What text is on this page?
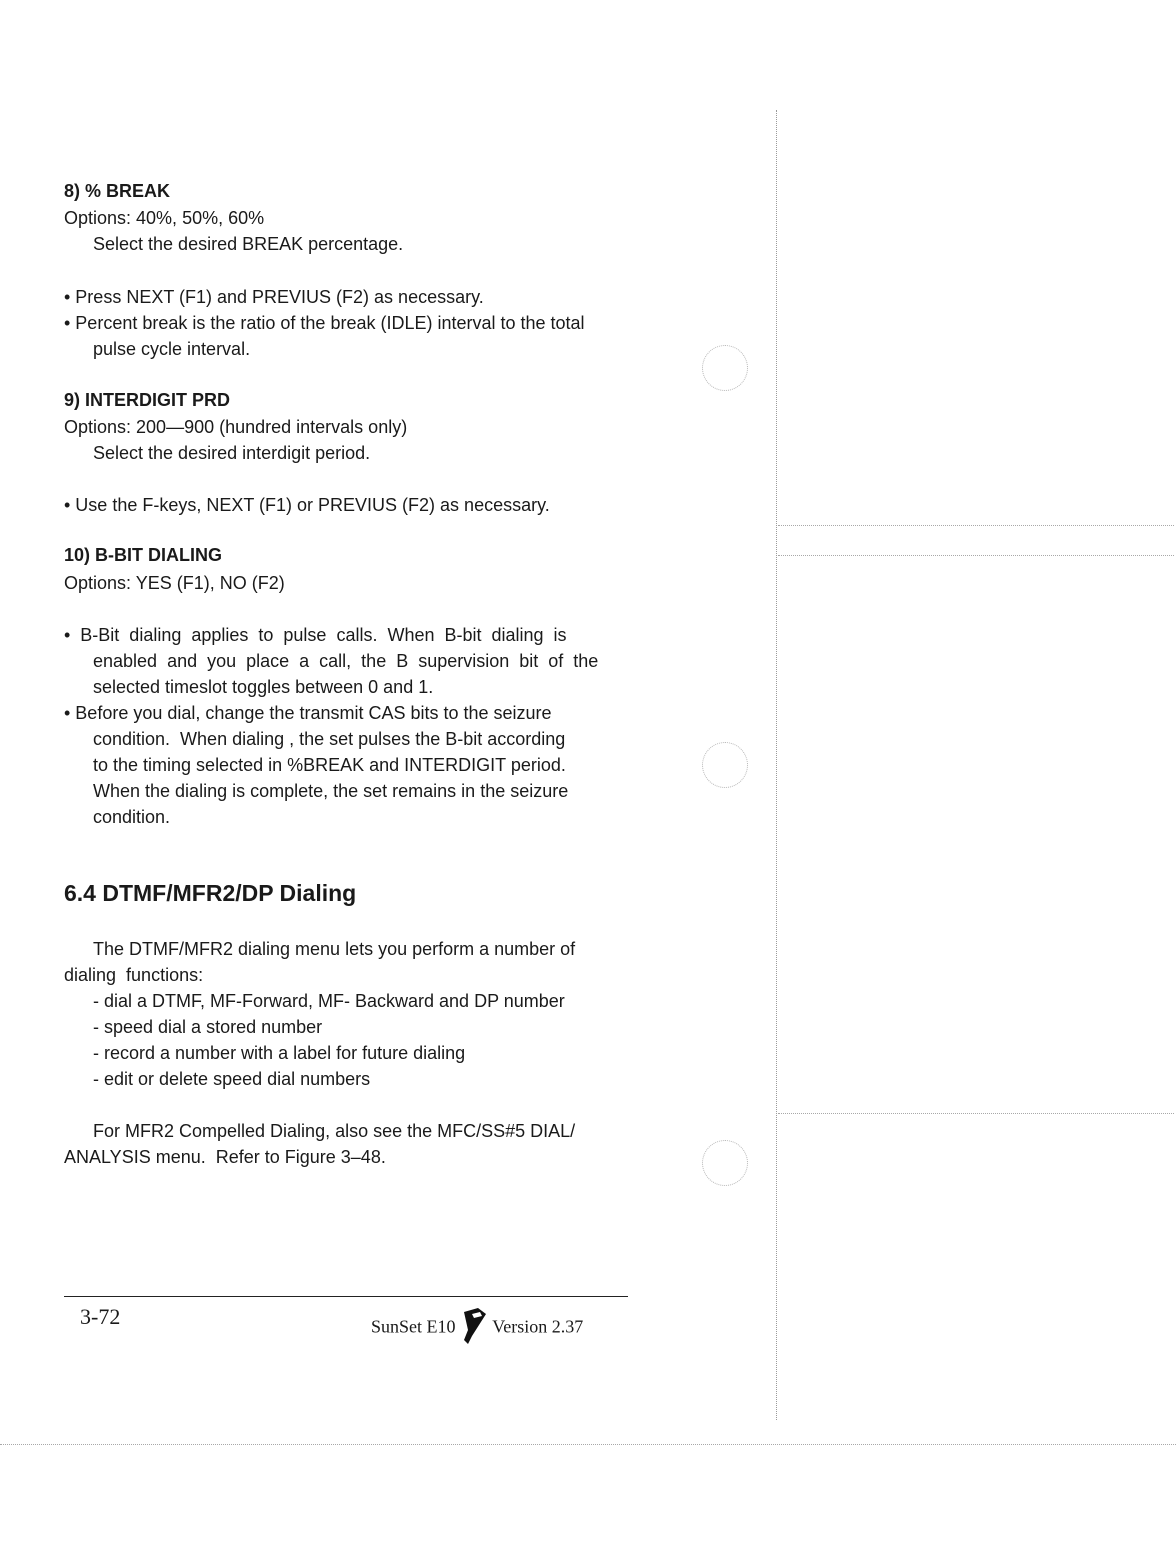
8) % BREAK
Options: 40%, 50%, 60%
Select the desired BREAK percentage.
• Press NEXT (F1) and PREVIUS (F2) as necessary.
• Percent break is the ratio of the break (IDLE) interval to the total
pulse cycle interval.
9) INTERDIGIT PRD
Options: 200—900 (hundred intervals only)
Select the desired interdigit period.
• Use the F-keys, NEXT (F1) or PREVIUS (F2) as necessary.
10) B-BIT DIALING
Options: YES (F1), NO (F2)
•  B-Bit  dialing  applies  to  pulse  calls.  When  B-bit  dialing  is
enabled  and  you  place  a  call,  the  B  supervision  bit  of  the
selected timeslot toggles between 0 and 1.
• Before you dial, change the transmit CAS bits to the seizure
condition.  When dialing , the set pulses the B-bit according
to the timing selected in %BREAK and INTERDIGIT period.
When the dialing is complete, the set remains in the seizure
condition.
6.4 DTMF/MFR2/DP Dialing
The DTMF/MFR2 dialing menu lets you perform a number of
dialing  functions:
- dial a DTMF, MF-Forward, MF- Backward and DP number
- speed dial a stored number
- record a number with a label for future dialing
- edit or delete speed dial numbers
For MFR2 Compelled Dialing, also see the MFC/SS#5 DIAL/
ANALYSIS menu.  Refer to Figure 3–48.
3-72	SunSet E10 Version 2.37
